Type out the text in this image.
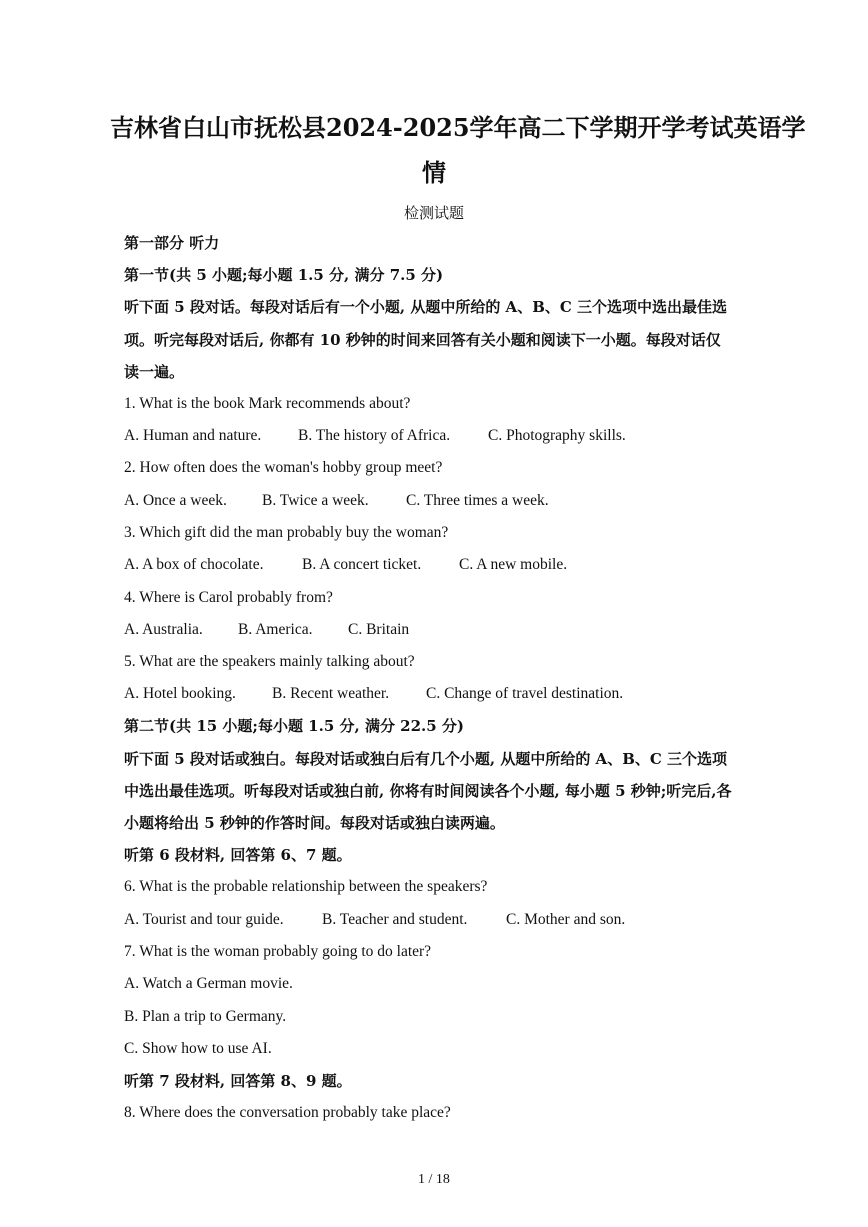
吉林省白山市抚松县2024-2025学年高二下学期开学考试英语学
情
检测试题
第一部分 听力
第一节(共 5 小题;每小题 1.5 分, 满分 7.5 分)
听下面 5 段对话。每段对话后有一个小题, 从题中所给的 A、B、C 三个选项中选出最佳选
项。听完每段对话后, 你都有 10 秒钟的时间来回答有关小题和阅读下一小题。每段对话仅
读一遍。
1. What is the book Mark recommends about?
A. Human and nature. B. The history of Africa. C. Photography skills.
2. How often does the woman's hobby group meet?
A. Once a week. B. Twice a week. C. Three times a week.
3. Which gift did the man probably buy the woman?
A. A box of chocolate. B. A concert ticket. C. A new mobile.
4. Where is Carol probably from?
A. Australia. B. America. C. Britain
5. What are the speakers mainly talking about?
A. Hotel booking. B. Recent weather. C. Change of travel destination.
第二节(共 15 小题;每小题 1.5 分, 满分 22.5 分)
听下面 5 段对话或独白。每段对话或独白后有几个小题, 从题中所给的 A、B、C 三个选项
中选出最佳选项。听每段对话或独白前, 你将有时间阅读各个小题, 每小题 5 秒钟;听完后,各
小题将给出 5 秒钟的作答时间。每段对话或独白读两遍。
听第 6 段材料, 回答第 6、7 题。
6. What is the probable relationship between the speakers?
A. Tourist and tour guide. B. Teacher and student. C. Mother and son.
7. What is the woman probably going to do later?
A. Watch a German movie.
B. Plan a trip to Germany.
C. Show how to use AI.
听第 7 段材料, 回答第 8、9 题。
8. Where does the conversation probably take place?
1 / 18
